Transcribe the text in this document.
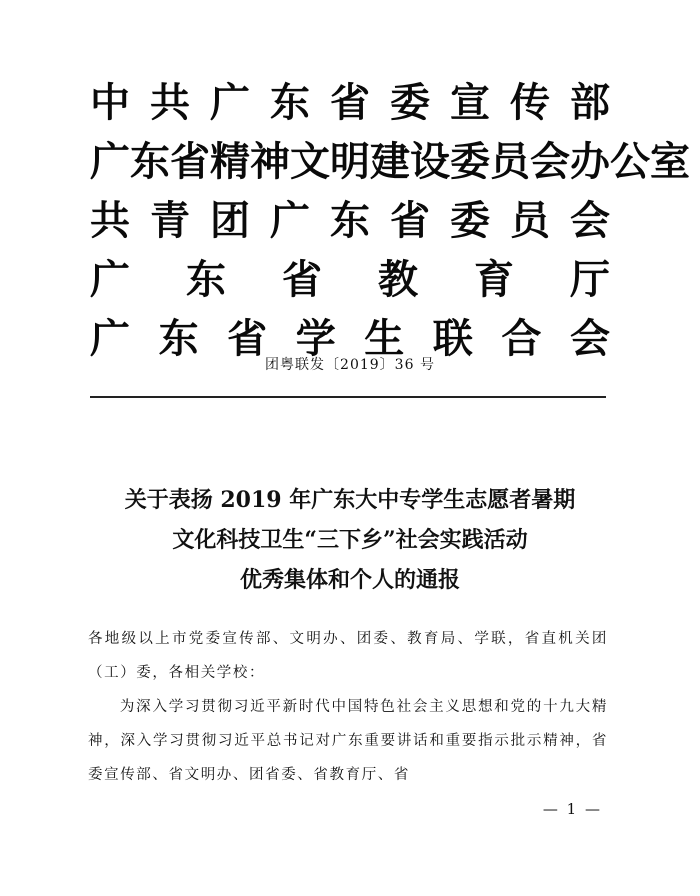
中 共 广 东 省 委 宣 传 部
广 东 省 精 神 文 明 建 设 委 员 会 办 公 室
共 青 团 广 东 省 委 员 会
广 东 省 教 育 厅
广 东 省 学 生 联 合 会
团粤联发〔2019〕36 号
关于表扬 2019 年广东大中专学生志愿者暑期
文化科技卫生“三下乡”社会实践活动
优秀集体和个人的通报

各地级以上市党委宣传部、文明办、团委、教育局、学联，省直机关团（工）委，各相关学校：

为深入学习贯彻习近平新时代中国特色社会主义思想和党的十九大精神，深入学习贯彻习近平总书记对广东重要讲话和重要指示批示精神，省委宣传部、省文明办、团省委、省教育厅、省

— 1 —
